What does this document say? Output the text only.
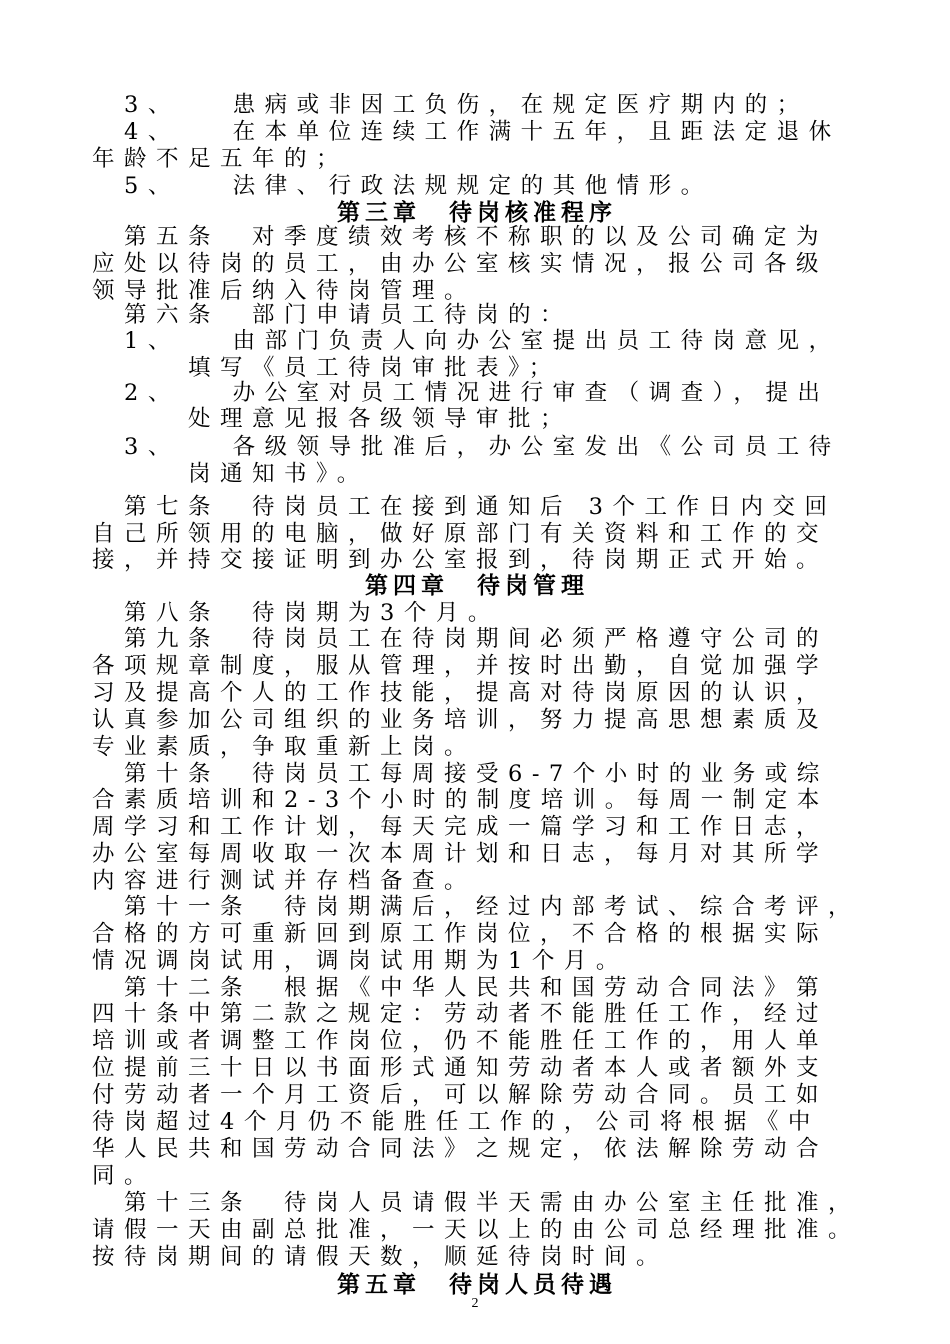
　3、　　患病或非因工负伤，在规定医疗期内的；
　4、　　在本单位连续工作满十五年，且距法定退休
年龄不足五年的；
　5、　　法律、行政法规规定的其他情形。
第三章　待岗核准程序
　第五条　对季度绩效考核不称职的以及公司确定为
应处以待岗的员工，由办公室核实情况，报公司各级
领导批准后纳入待岗管理。
　第六条　部门申请员工待岗的：
　1、　　由部门负责人向办公室提出员工待岗意见，
　　　填写《员工待岗审批表》；
　2、　　办公室对员工情况进行审查（调查），提出
　　　处理意见报各级领导审批；
　3、　　各级领导批准后，办公室发出《公司员工待
　　　岗通知书》。
　第七条　待岗员工在接到通知后 3个工作日内交回
自己所领用的电脑，做好原部门有关资料和工作的交
接，并持交接证明到办公室报到，待岗期正式开始。
第四章　待岗管理
　第八条　待岗期为3个月。
　第九条　待岗员工在待岗期间必须严格遵守公司的
各项规章制度，服从管理，并按时出勤，自觉加强学
习及提高个人的工作技能，提高对待岗原因的认识，
认真参加公司组织的业务培训，努力提高思想素质及
专业素质，争取重新上岗。
　第十条　待岗员工每周接受6-7个小时的业务或综
合素质培训和2-3个小时的制度培训。每周一制定本
周学习和工作计划，每天完成一篇学习和工作日志，
办公室每周收取一次本周计划和日志，每月对其所学
内容进行测试并存档备查。
　第十一条　待岗期满后，经过内部考试、综合考评，
合格的方可重新回到原工作岗位，不合格的根据实际
情况调岗试用，调岗试用期为1个月。
　第十二条　根据《中华人民共和国劳动合同法》第
四十条中第二款之规定：劳动者不能胜任工作，经过
培训或者调整工作岗位，仍不能胜任工作的，用人单
位提前三十日以书面形式通知劳动者本人或者额外支
付劳动者一个月工资后，可以解除劳动合同。员工如
待岗超过4个月仍不能胜任工作的，公司将根据《中
华人民共和国劳动合同法》之规定，依法解除劳动合
同。
　第十三条　待岗人员请假半天需由办公室主任批准，
请假一天由副总批准，一天以上的由公司总经理批准。
按待岗期间的请假天数，顺延待岗时间。
第五章　待岗人员待遇
2
